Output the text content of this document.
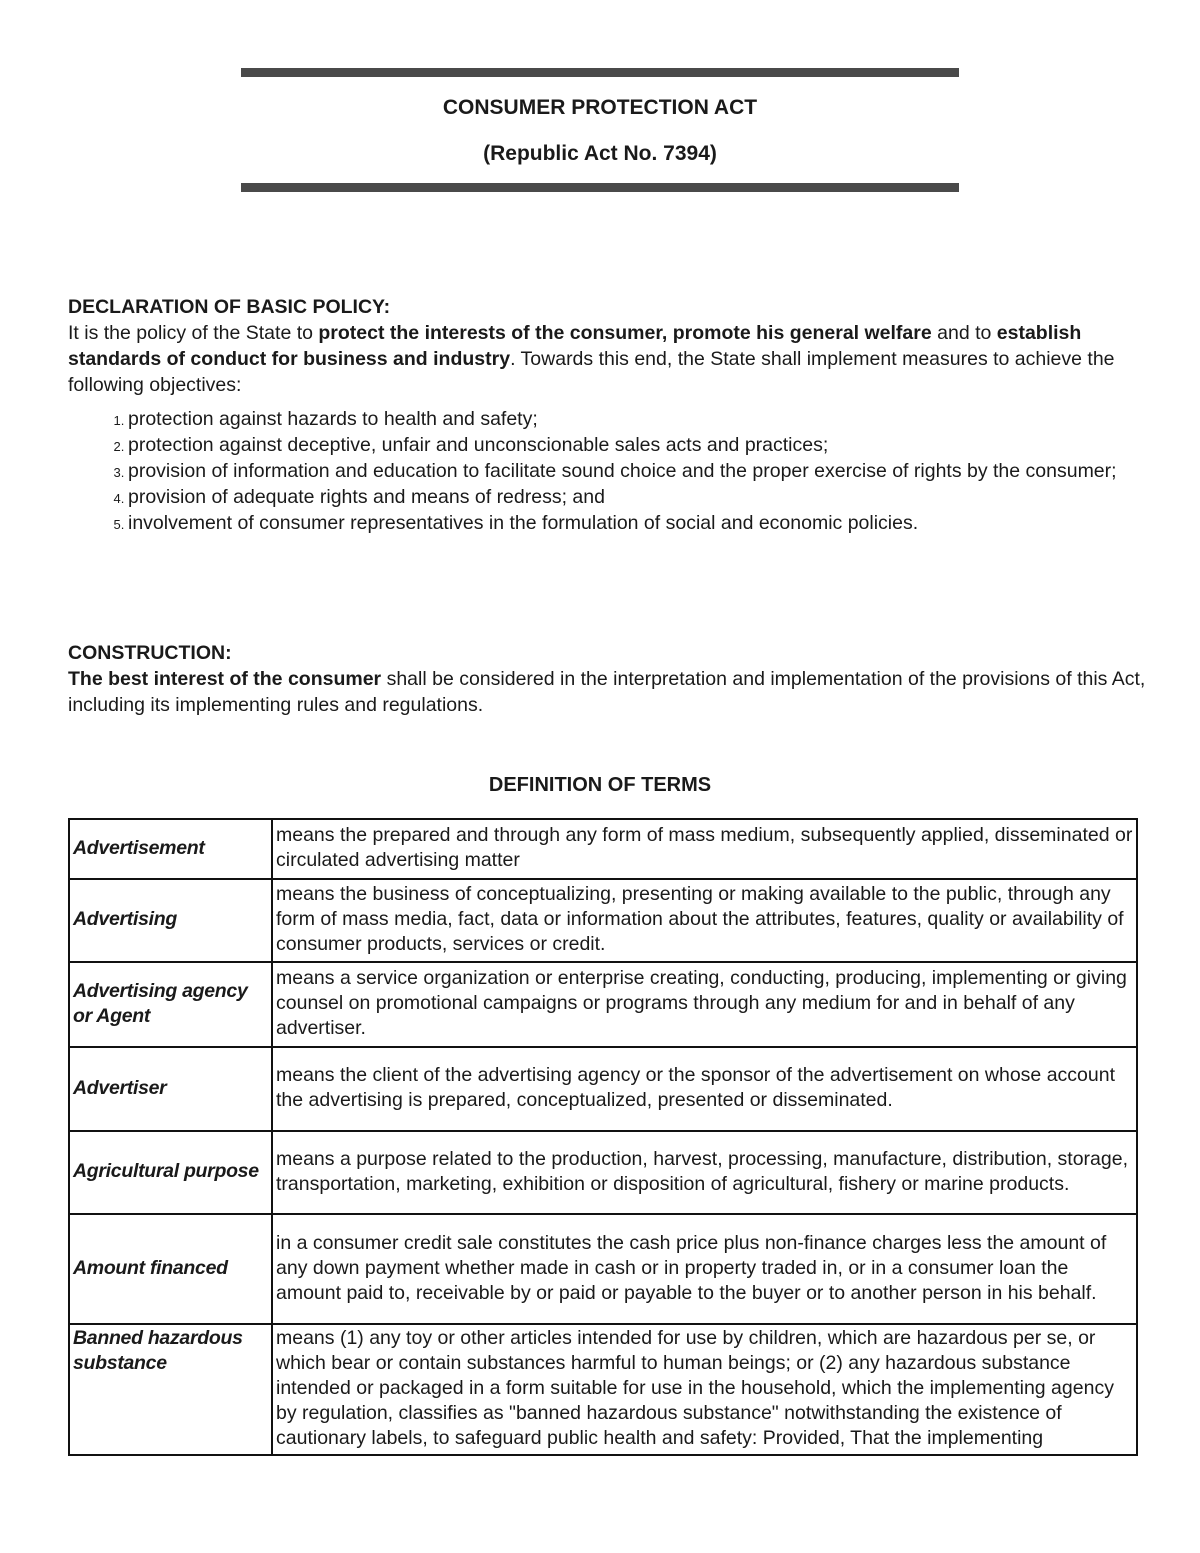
CONSUMER PROTECTION ACT
(Republic Act No. 7394)
DECLARATION OF BASIC POLICY:

It is the policy of the State to protect the interests of the consumer, promote his general welfare and to establish standards of conduct for business and industry. Towards this end, the State shall implement measures to achieve the following objectives:

1. protection against hazards to health and safety;
2. protection against deceptive, unfair and unconscionable sales acts and practices;
3. provision of information and education to facilitate sound choice and the proper exercise of rights by the consumer;
4. provision of adequate rights and means of redress; and
5. involvement of consumer representatives in the formulation of social and economic policies.
CONSTRUCTION:

The best interest of the consumer shall be considered in the interpretation and implementation of the provisions of this Act, including its implementing rules and regulations.

DEFINITION OF TERMS
Advertisement	means the prepared and through any form of mass medium, subsequently applied, disseminated or circulated advertising matter
Advertising	means the business of conceptualizing, presenting or making available to the public, through any form of mass media, fact, data or information about the attributes, features, quality or availability of consumer products, services or credit.
Advertising agency or Agent	means a service organization or enterprise creating, conducting, producing, implementing or giving counsel on promotional campaigns or programs through any medium for and in behalf of any advertiser.
Advertiser	means the client of the advertising agency or the sponsor of the advertisement on whose account the advertising is prepared, conceptualized, presented or disseminated.
Agricultural purpose	means a purpose related to the production, harvest, processing, manufacture, distribution, storage, transportation, marketing, exhibition or disposition of agricultural, fishery or marine products.
Amount financed	in a consumer credit sale constitutes the cash price plus non-finance charges less the amount of any down payment whether made in cash or in property traded in, or in a consumer loan the amount paid to, receivable by or paid or payable to the buyer or to another person in his behalf.
Banned hazardous substance	means (1) any toy or other articles intended for use by children, which are hazardous per se, or which bear or contain substances harmful to human beings; or (2) any hazardous substance intended or packaged in a form suitable for use in the household, which the implementing agency by regulation, classifies as "banned hazardous substance" notwithstanding the existence of cautionary labels, to safeguard public health and safety: Provided, That the implementing
